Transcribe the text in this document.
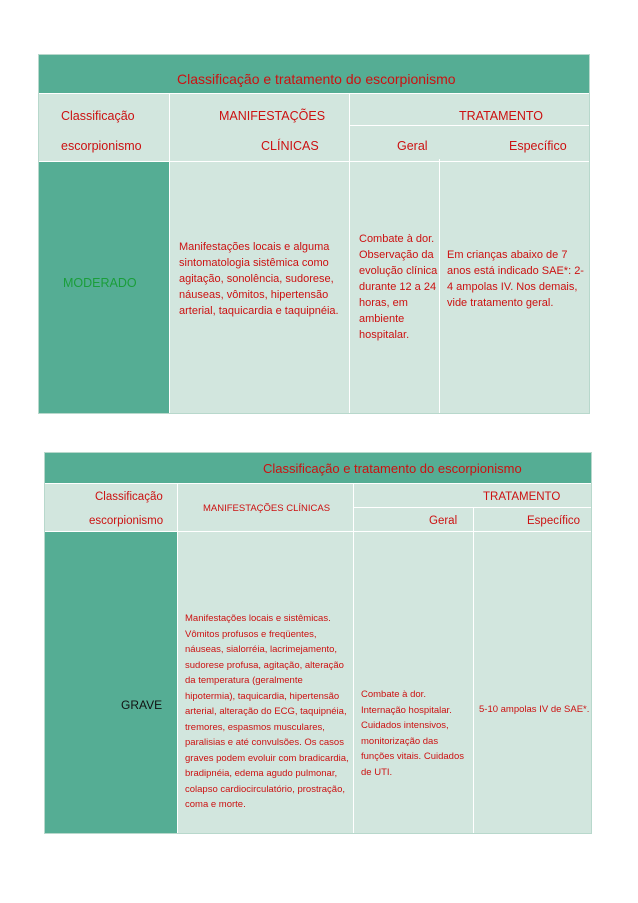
Classificação e tratamento do escorpionismo
Classificação
escorpionismo
MANIFESTAÇÕES
CLÍNICAS
TRATAMENTO
Geral	Específico
MODERADO
Manifestações locais e alguma sintomatologia sistêmica como agitação, sonolência, sudorese, náuseas, vômitos, hipertensão arterial, taquicardia e taquipnéia.
Combate à dor. Observação da evolução clínica durante 12 a 24 horas, em ambiente hospitalar.
Em crianças abaixo de 7 anos está indicado SAE*: 2-4 ampolas IV. Nos demais, vide tratamento geral.
Classificação e tratamento do escorpionismo
Classificação
escorpionismo
MANIFESTAÇÕES CLÍNICAS
TRATAMENTO
Geral	Específico
GRAVE
Manifestações locais e sistêmicas. Vômitos profusos e freqüentes, náuseas, sialorréia, lacrimejamento, sudorese profusa, agitação, alteração da temperatura (geralmente hipotermia), taquicardia, hipertensão arterial, alteração do ECG, taquipnéia, tremores, espasmos musculares, paralisias e até convulsões. Os casos graves podem evoluir com bradicardia, bradipnéia, edema agudo pulmonar, colapso cardiocirculatório, prostração, coma e morte.
Combate à dor. Internação hospitalar. Cuidados intensivos, monitorização das funções vitais. Cuidados de UTI.
5-10 ampolas IV de SAE*.
